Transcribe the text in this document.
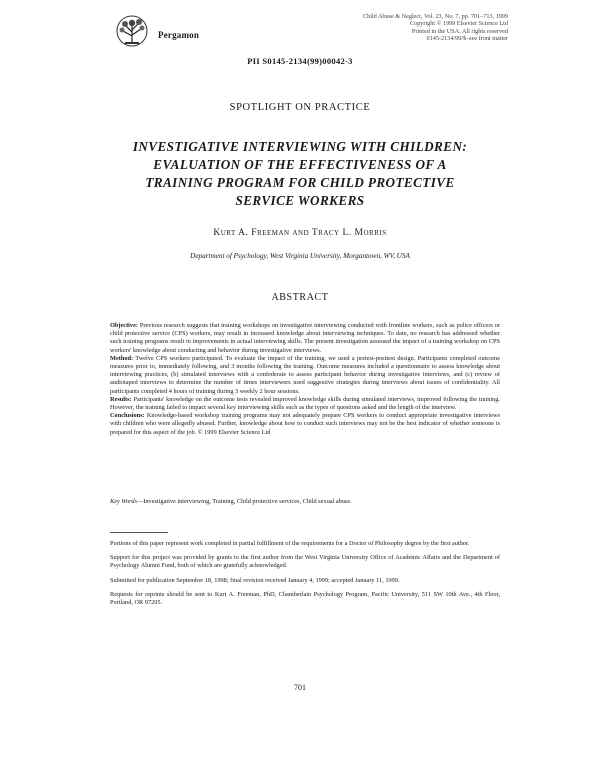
Pergamon
Child Abuse & Neglect, Vol. 23, No. 7, pp. 701–713, 1999
Copyright © 1999 Elsevier Science Ltd
Printed in the USA. All rights reserved
0145-2134/99/$–see front matter
PII S0145-2134(99)00042-3
SPOTLIGHT ON PRACTICE
INVESTIGATIVE INTERVIEWING WITH CHILDREN:
EVALUATION OF THE EFFECTIVENESS OF A
TRAINING PROGRAM FOR CHILD PROTECTIVE
SERVICE WORKERS
Kurt A. Freeman and Tracy L. Morris
Department of Psychology, West Virginia University, Morgantown, WV, USA
ABSTRACT

Objective: Previous research suggests that training workshops on investigative interviewing conducted with frontline workers, such as police officers or child protective service (CPS) workers, may result in increased knowledge about interviewing techniques. To date, no research has addressed whether such training programs result in improvements in actual interviewing skills. The present investigation assessed the impact of a training workshop on CPS workers' knowledge about conducting and behavior during investigative interviews.

Method: Twelve CPS workers participated. To evaluate the impact of the training, we used a pretest-posttest design. Participants completed outcome measures prior to, immediately following, and 3 months following the training. Outcome measures included a questionnaire to assess knowledge about interviewing practices, (b) simulated interviews with a confederate to assess participant behavior during investigative interviews, and (c) review of audiotaped interviews to determine the number of times interviewers used suggestive strategies during interviews about issues of confidentiality. All participants completed 4 hours of training during 3 weekly 2 hour sessions.

Results: Participants' knowledge on the outcome tests revealed improved knowledge skills during simulated interviews, improved following the training. However, the training failed to impact several key interviewing skills such as the types of questions asked and the length of the interview.

Conclusions: Knowledge-based workshop training programs may not adequately prepare CPS workers to conduct appropriate investigative interviews with children who were allegedly abused. Further, knowledge about how to conduct such interviews may not be the best indicator of whether someone is prepared for this aspect of the job. © 1999 Elsevier Science Ltd

Key Words—Investigative interviewing, Training, Child protective services, Child sexual abuse.

Portions of this paper represent work completed in partial fulfillment of the requirements for a Doctor of Philosophy degree by the first author.

Support for this project was provided by grants to the first author from the West Virginia University Office of Academic Affairs and the Department of Psychology Alumni Fund, both of which are gratefully acknowledged.

Submitted for publication September 18, 1998; final revision received January 4, 1999; accepted January 11, 1999.

Requests for reprints should be sent to Kurt A. Freeman, PhD, Chamberlain Psychology Program, Pacific University, 511 SW 10th Ave., 4th Floor, Portland, OR 97205.

701
